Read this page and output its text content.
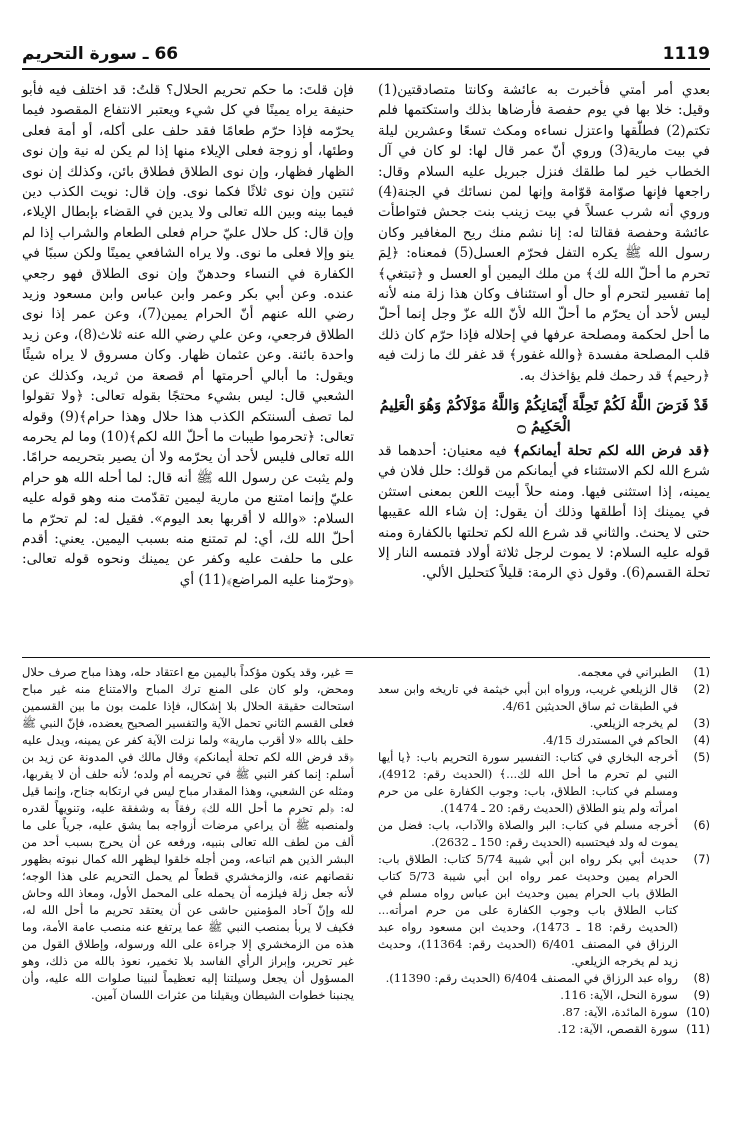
1119
66 ـ سورة التحريم

بعدي أمر أمتي فأخبرت به عائشة وكانتا متصادقتين(1) وقيل: خلا بها في يوم حفصة فأرضاها بذلك واستكتمها فلم تكتم(2) فطلّقها واعتزل نساءه ومكث تسعًا وعشرين ليلة في بيت مارية(3) وروي أنّ عمر قال لها: لو كان في آل الخطاب خير لما طلقك فنزل جبريل عليه السلام وقال: راجعها فإنها صوّامة قوّامة وإنها لمن نسائك في الجنة(4) وروي أنه شرب عسلاً في بيت زينب بنت جحش فتواطأت عائشة وحفصة فقالتا له: إنا نشم منك ريح المغافير وكان رسول الله ﷺ يكره التفل فحرّم العسل(5) فمعناه: ﴿لِمَ تحرم ما أحلّ الله لك﴾ من ملك اليمين أو العسل و ﴿تبتغي﴾ إما تفسير لتحرم أو حال أو استئناف وكان هذا زلة منه لأنه ليس لأحد أن يحرّم ما أحلّ الله لأنّ الله عزّ وجل إنما أحلّ ما أحل لحكمة ومصلحة عرفها في إحلاله فإذا حرّم كان ذلك قلب المصلحة مفسدة ﴿والله غفور﴾ قد غفر لك ما زلت فيه ﴿رحيم﴾ قد رحمك فلم يؤاخذك به.

قَدْ فَرَضَ اللَّهُ لَكُمْ تَحِلَّةَ أَيْمَانِكُمْ وَاللَّهُ مَوْلَاكُمْ وَهُوَ الْعَلِيمُ الْحَكِيمُ ۝

﴿قد فرض الله لكم تحلة أيمانكم﴾ فيه معنيان: أحدهما قد شرع الله لكم الاستثناء في أيمانكم من قولك: حلل فلان في يمينه، إذا استثنى فيها. ومنه حلاً أبيت اللعن بمعنى استثن في يمينك إذا أطلقها وذلك أن يقول: إن شاء الله عقيبها حتى لا يحنث. والثاني قد شرع الله لكم تحلتها بالكفارة ومنه قوله عليه السلام: لا يموت لرجل ثلاثة أولاد فتمسه النار إلا تحلة القسم(6). وقول ذي الرمة: قليلاً كتحليل الألي.

فإن قلتَ: ما حكم تحريم الحلال؟ قلتُ: قد اختلف فيه فأبو حنيفة يراه يمينًا في كل شيء ويعتبر الانتفاع المقصود فيما يحرّمه فإذا حرّم طعامًا فقد حلف على أكله، أو أمة فعلى وطئها، أو زوجة فعلى الإيلاء منها إذا لم يكن له نية وإن نوى الظهار فظهار، وإن نوى الطلاق فطلاق بائن، وكذلك إن نوى ثنتين وإن نوى ثلاثًا فكما نوى. وإن قال: نويت الكذب دين فيما بينه وبين الله تعالى ولا يدين في القضاء بإبطال الإيلاء، وإن قال: كل حلال عليّ حرام فعلى الطعام والشراب إذا لم ينو وإلا فعلى ما نوى. ولا يراه الشافعي يمينًا ولكن سببًا في الكفارة في النساء وحدهنّ وإن نوى الطلاق فهو رجعي عنده. وعن أبي بكر وعمر وابن عباس وابن مسعود وزيد رضي الله عنهم أنّ الحرام يمين(7)، وعن عمر إذا نوى الطلاق فرجعي، وعن علي رضي الله عنه ثلاث(8)، وعن زيد واحدة بائنة. وعن عثمان ظهار. وكان مسروق لا يراه شيئًا ويقول: ما أبالي أحرمتها أم قصعة من ثريد، وكذلك عن الشعبي قال: ليس بشيء محتجًا بقوله تعالى: ﴿ولا تقولوا لما تصف ألسنتكم الكذب هذا حلال وهذا حرام﴾(9) وقوله تعالى: ﴿تحرموا طيبات ما أحلّ الله لكم﴾(10) وما لم يحرمه الله تعالى فليس لأحد أن يحرّمه ولا أن يصير بتحريمه حرامًا. ولم يثبت عن رسول الله ﷺ أنه قال: لما أحله الله هو حرام عليّ وإنما امتنع من مارية ليمين تقدّمت منه وهو قوله عليه السلام: «والله لا أقربها بعد اليوم». فقيل له: لم تحرّم ما أحلّ الله لك، أي: لم تمتنع منه بسبب اليمين. يعني: أقدم على ما حلفت عليه وكفر عن يمينك ونحوه قوله تعالى: ﴿وحرّمنا عليه المراضع﴾(11) أي

(1)
الطبراني في معجمه.
(2)
قال الزيلعي غريب، ورواه ابن أبي خيثمة في تاريخه وابن سعد في الطبقات ثم ساق الحديثين 4/61.
(3)
لم يخرجه الزيلعي.
(4)
الحاكم في المستدرك 4/15.
(5)
أخرجه البخاري في كتاب: التفسير سورة التحريم باب: ﴿يا أيها النبي لم تحرم ما أحل الله لك...﴾ (الحديث رقم: 4912)، ومسلم في كتاب: الطلاق، باب: وجوب الكفارة على من حرم امرأته ولم ينو الطلاق (الحديث رقم: 20 ـ 1474).
(6)
أخرجه مسلم في كتاب: البر والصلاة والآداب، باب: فضل من يموت له ولد فيحتسبه (الحديث رقم: 150 ـ 2632).
(7)
حديث أبي بكر رواه ابن أبي شيبة 5/74 كتاب: الطلاق باب: الحرام يمين وحديث عمر رواه ابن أبي شيبة 5/73 كتاب الطلاق باب الحرام يمين وحديث ابن عباس رواه مسلم في كتاب الطلاق باب وجوب الكفارة على من حرم امرأته... (الحديث رقم: 18 ـ 1473)، وحديث ابن مسعود رواه عبد الرزاق في المصنف 6/401 (الحديث رقم: 11364)، وحديث زيد لم يخرجه الزيلعي.
(8)
رواه عبد الرزاق في المصنف 6/404 (الحديث رقم: 11390).
(9)
سورة النحل، الآية: 116.
(10)
سورة المائدة، الآية: 87.
(11)
سورة القصص، الآية: 12.

= غير، وقد يكون مؤكداً باليمين مع اعتقاد حله، وهذا مباح صرف حلال ومحض، ولو كان على المنع ترك المباح والامتناع منه غير مباح استحالت حقيقة الحلال بلا إشكال، فإذا علمت بون ما بين القسمين فعلى القسم الثاني تحمل الآية والتفسير الصحيح يعضده، فإنّ النبي ﷺ حلف بالله «لا أقرب مارية» ولما نزلت الآية كفر عن يمينه، ويدل عليه ﴿قد فرض الله لكم تحلة أيمانكم﴾ وقال مالك في المدونة عن زيد بن أسلم: إنما كفر النبي ﷺ في تحريمه أم ولده؛ لأنه حلف أن لا يقربها، ومثله عن الشعبي، وهذا المقدار مباح ليس في ارتكابه جناح، وإنما قيل له: ﴿لم تحرم ما أحل الله لك﴾ رفقاً به وشفقة عليه، وتنويهاً لقدره ولمنصبه ﷺ أن يراعي مرضات أزواجه بما يشق عليه، جرياً على ما ألف من لطف الله تعالى بنبيه، ورفعه عن أن يحرج بسبب أحد من البشر الذين هم اتباعه، ومن أجله خلقوا ليظهر الله كمال نبوته بظهور نقصانهم عنه، والزمخشري قطعاً لم يحمل التحريم على هذا الوجه؛ لأنه جعل زلة فيلزمه أن يحمله على المحمل الأول، ومعاذ الله وحاش لله وإنّ آحاد المؤمنين حاشى عن أن يعتقد تحريم ما أحل الله له، فكيف لا يربأ بمنصب النبي ﷺ عما يرتفع عنه منصب عامة الأمة، وما هذه من الزمخشري إلا جراءة على الله ورسوله، وإطلاق القول من غير تحرير، وإبراز الرأي الفاسد بلا تخمير، نعوذ بالله من ذلك، وهو المسؤول أن يجعل وسيلتنا إليه تعظيماً لنبينا صلوات الله عليه، وأن يجنبنا خطوات الشيطان ويقيلنا من عثرات اللسان آمين.
